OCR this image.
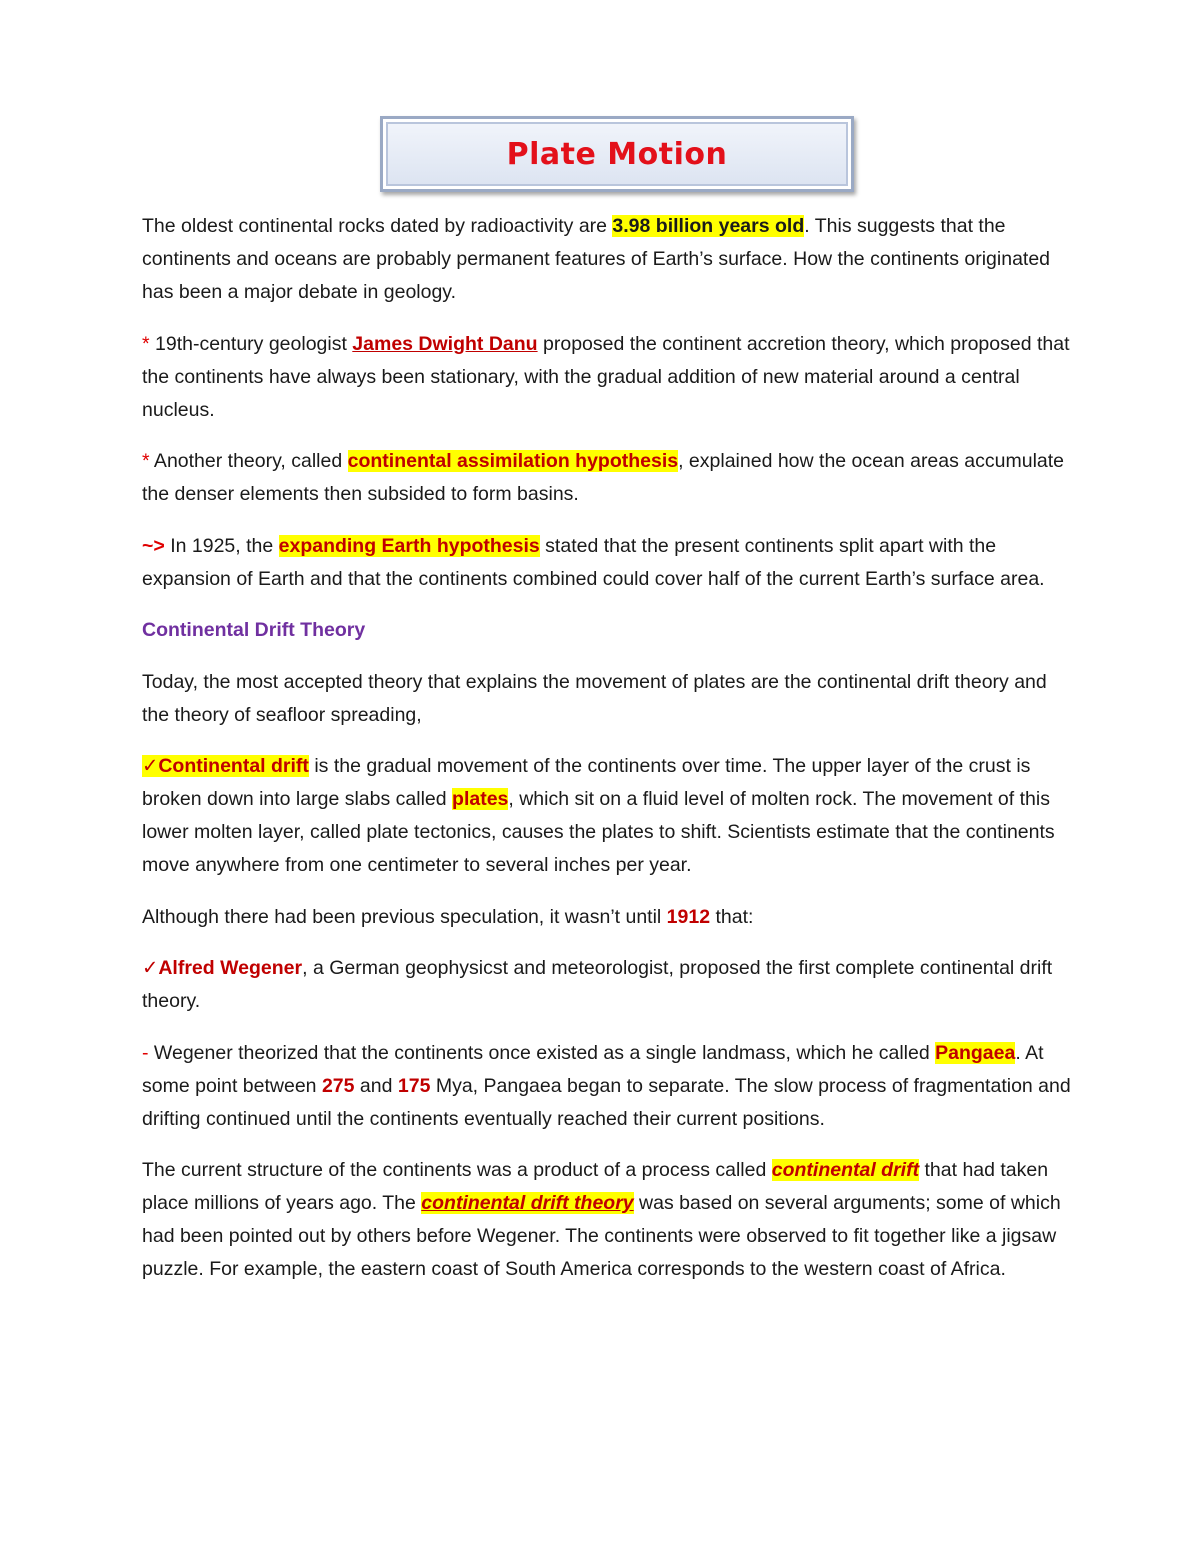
Plate Motion

The oldest continental rocks dated by radioactivity are 3.98 billion years old. This suggests that the continents and oceans are probably permanent features of Earth’s surface. How the continents originated has been a major debate in geology.

* 19th-century geologist James Dwight Danu proposed the continent accretion theory, which proposed that the continents have always been stationary, with the gradual addition of new material around a central nucleus.

* Another theory, called continental assimilation hypothesis, explained how the ocean areas accumulate the denser elements then subsided to form basins.

~> In 1925, the expanding Earth hypothesis stated that the present continents split apart with the expansion of Earth and that the continents combined could cover half of the current Earth’s surface area.

Continental Drift Theory

Today, the most accepted theory that explains the movement of plates are the continental drift theory and the theory of seafloor spreading,

✓Continental drift is the gradual movement of the continents over time. The upper layer of the crust is broken down into large slabs called plates, which sit on a fluid level of molten rock. The movement of this lower molten layer, called plate tectonics, causes the plates to shift. Scientists estimate that the continents move anywhere from one centimeter to several inches per year.

Although there had been previous speculation, it wasn’t until 1912 that:

✓Alfred Wegener, a German geophysicst and meteorologist, proposed the first complete continental drift theory.

- Wegener theorized that the continents once existed as a single landmass, which he called Pangaea. At some point between 275 and 175 Mya, Pangaea began to separate. The slow process of fragmentation and drifting continued until the continents eventually reached their current positions.

The current structure of the continents was a product of a process called continental drift that had taken place millions of years ago. The continental drift theory was based on several arguments; some of which had been pointed out by others before Wegener. The continents were observed to fit together like a jigsaw puzzle. For example, the eastern coast of South America corresponds to the western coast of Africa.
